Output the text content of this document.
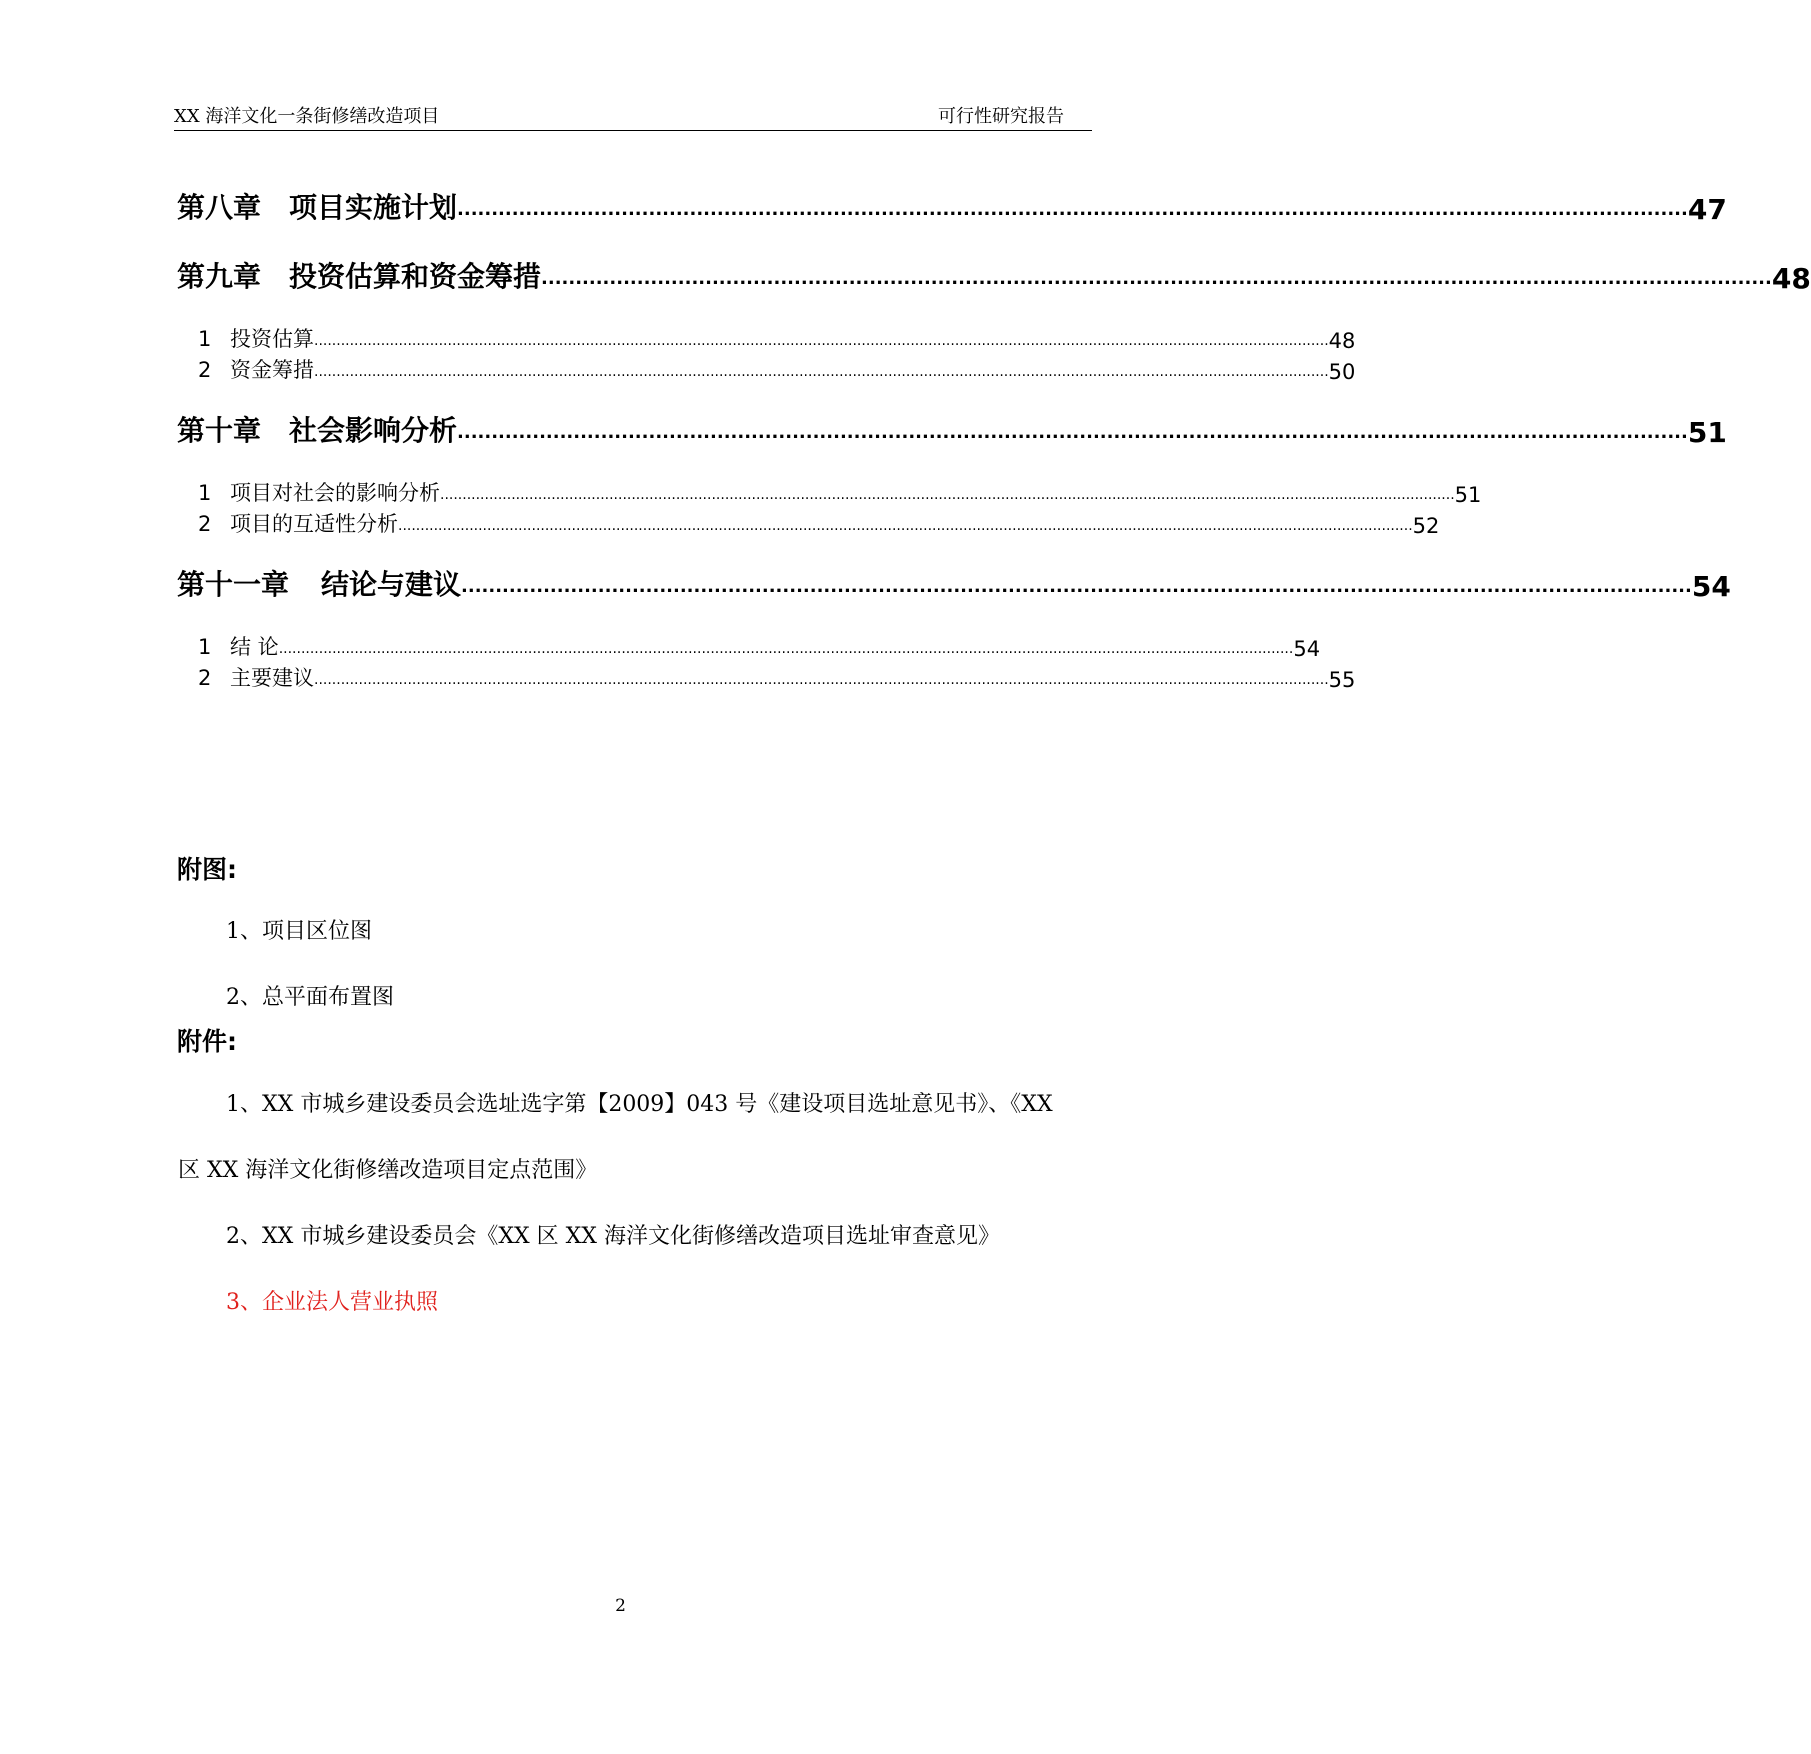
XX 海洋文化一条街修缮改造项目	可行性研究报告
第八章 项目实施计划 .................................................................................................................................................................................... 47
第九章 投资估算和资金筹措 .................................................................................................................................................................................... 48
1 投资估算 .................................................................................................................................................................................................................................... 48
2 资金筹措 .................................................................................................................................................................................................................................... 50
第十章 社会影响分析 .................................................................................................................................................................................... 51
1 项目对社会的影响分析 .................................................................................................................................................................................................................................... 51
2 项目的互适性分析 .................................................................................................................................................................................................................................... 52
第十一章 结论与建议 .................................................................................................................................................................................... 54
1 结 论 .................................................................................................................................................................................................................................... 54
2 主要建议 .................................................................................................................................................................................................................................... 55
附图:
1、项目区位图
2、总平面布置图
附件:
1、XX 市城乡建设委员会选址选字第【2009】043 号《建设项目选址意见书》、《XX
区 XX 海洋文化街修缮改造项目定点范围》
2、XX 市城乡建设委员会《XX 区 XX 海洋文化街修缮改造项目选址审查意见》
3、企业法人营业执照
2
